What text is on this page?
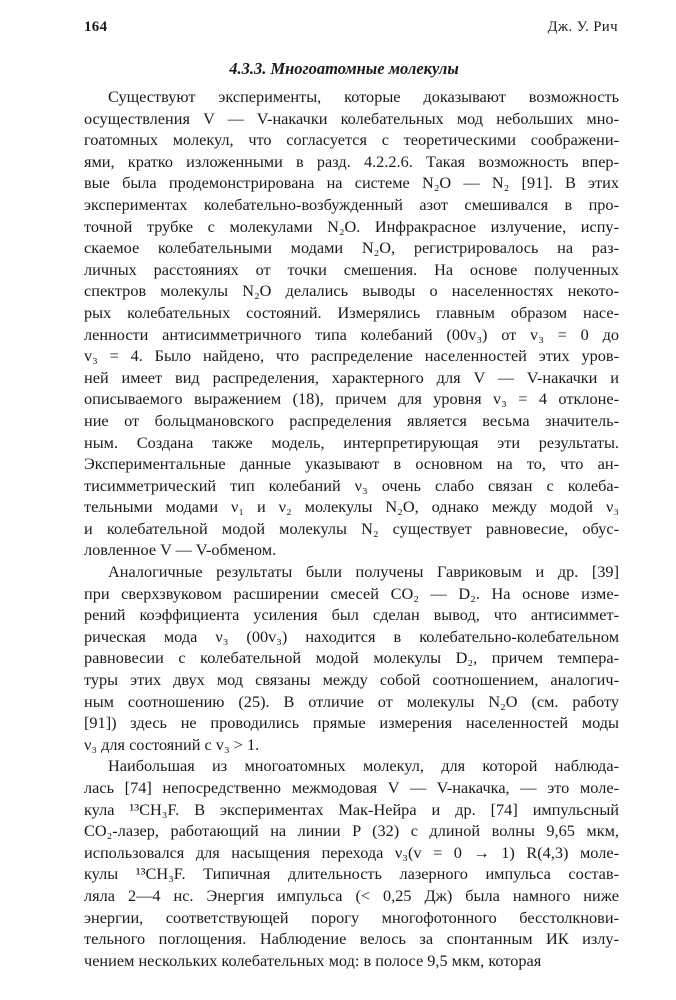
164	Дж. У. Рич
4.3.3. Многоатомные молекулы
Существуют эксперименты, которые доказывают возможность
осуществления V — V-накачки колебательных мод небольших мно-
гоатомных молекул, что согласуется с теоретическими соображени-
ями, кратко изложенными в разд. 4.2.2.6. Такая возможность впер-
вые была продемонстрирована на системе N₂O — N₂ [91]. В этих
экспериментах колебательно-возбужденный азот смешивался в про-
точной трубке с молекулами N₂O. Инфракрасное излучение, испу-
скаемое колебательными модами N₂O, регистрировалось на раз-
личных расстояниях от точки смешения. На основе полученных
спектров молекулы N₂O делались выводы о населенностях некото-
рых колебательных состояний. Измерялись главным образом насе-
ленности антисимметричного типа колебаний (00v₃) от v₃ = 0 до
v₃ = 4. Было найдено, что распределение населенностей этих уров-
ней имеет вид распределения, характерного для V — V-накачки и
описываемого выражением (18), причем для уровня v₃ = 4 отклоне-
ние от больцмановского распределения является весьма значитель-
ным. Создана также модель, интерпретирующая эти результаты.
Экспериментальные данные указывают в основном на то, что ан-
тисимметрический тип колебаний ν₃ очень слабо связан с колеба-
тельными модами ν₁ и ν₂ молекулы N₂O, однако между модой ν₃
и колебательной модой молекулы N₂ существует равновесие, обус-
ловленное V — V-обменом.
Аналогичные результаты были получены Гавриковым и др. [39]
при сверхзвуковом расширении смесей CO₂ — D₂. На основе изме-
рений коэффициента усиления был сделан вывод, что антисиммет-
ричеcкая мода ν₃ (00v₃) находится в колебательно-колебательном
равновесии с колебательной модой молекулы D₂, причем темпера-
туры этих двух мод связаны между собой соотношением, аналогич-
ным соотношению (25). В отличие от молекулы N₂O (см. работу
[91]) здесь не проводились прямые измерения населенностей моды
ν₃ для состояний с v₃ > 1.
Наибольшая из многоатомных молекул, для которой наблюда-
лась [74] непосредственно межмодовая V — V-накачка, — это моле-
кула ¹³CH₃F. В экспериментах Мак-Нейра и др. [74] импульсный
CO₂-лазер, работающий на линии P (32) с длиной волны 9,65 мкм,
использовался для насыщения перехода ν₃(v = 0 → 1) R(4,3) моле-
кулы ¹³CH₃F. Типичная длительность лазерного импульса состав-
ляла 2—4 нс. Энергия импульса (< 0,25 Дж) была намного ниже
энергии, соответствующей порогу многофотонного бесстолкнови-
тельного поглощения. Наблюдение велось за спонтанным ИК излу-
чением нескольких колебательных мод: в полосе 9,5 мкм, которая
